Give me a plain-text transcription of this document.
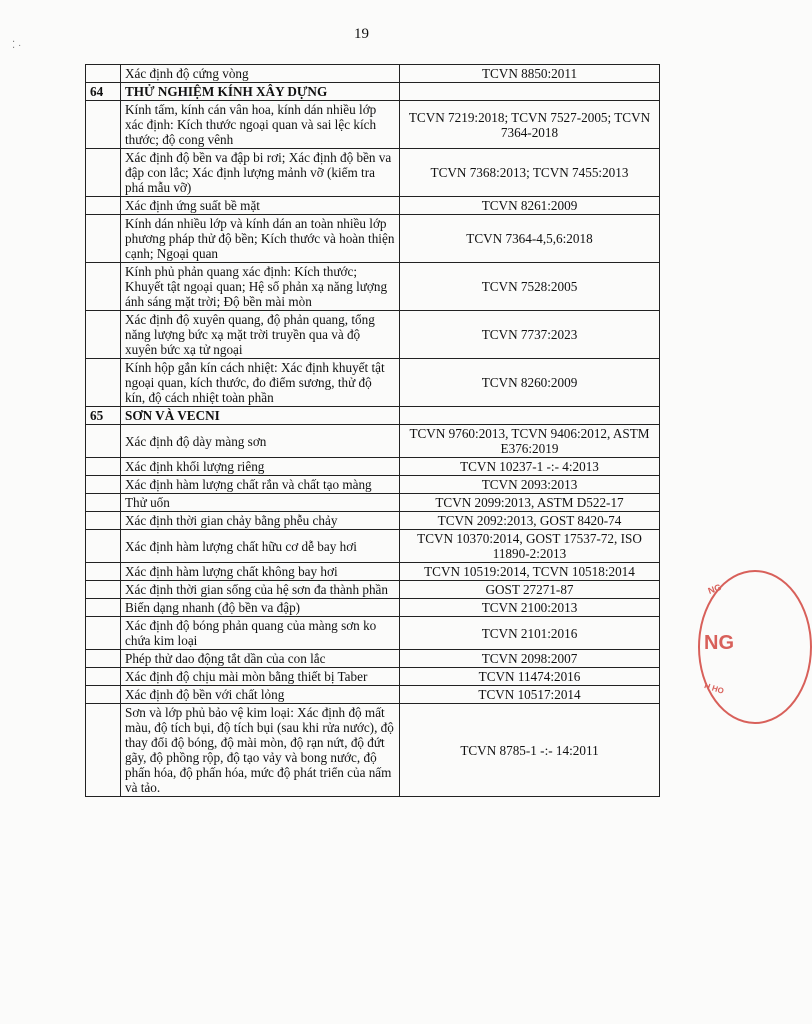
⁚ ·
19
	Xác định độ cứng vòng	TCVN 8850:2011
64	THỬ NGHIỆM KÍNH XÂY DỰNG	
	Kính tấm, kính cán vân hoa, kính dán nhiều lớp xác định: Kích thước ngoại quan và sai lệc kích thước; độ cong vênh	TCVN 7219:2018; TCVN 7527-2005; TCVN 7364-2018
	Xác định độ bền va đập bi rơi; Xác định độ bền va đập con lắc; Xác định lượng mảnh vỡ (kiểm tra phá mẫu vỡ)	TCVN 7368:2013; TCVN 7455:2013
	Xác định ứng suất bề mặt	TCVN 8261:2009
	Kính dán nhiều lớp và kính dán an toàn nhiều lớp phương pháp thử độ bền; Kích thước và hoàn thiện cạnh; Ngoại quan	TCVN 7364-4,5,6:2018
	Kính phủ phản quang xác định: Kích thước; Khuyết tật ngoại quan; Hệ số phản xạ năng lượng ánh sáng mặt trời; Độ bền mài mòn	TCVN 7528:2005
	Xác định độ xuyên quang, độ phản quang, tổng năng lượng bức xạ mặt trời truyền qua và độ xuyên bức xạ tử ngoại	TCVN 7737:2023
	Kính hộp gắn kín cách nhiệt: Xác định khuyết tật ngoại quan, kích thước, đo điểm sương, thử độ kín, độ cách nhiệt toàn phần	TCVN 8260:2009
65	SƠN VÀ VECNI	
	Xác định độ dày màng sơn	TCVN 9760:2013, TCVN 9406:2012, ASTM E376:2019
	Xác định khối lượng riêng	TCVN 10237-1 -:- 4:2013
	Xác định hàm lượng chất rắn và chất tạo màng	TCVN 2093:2013
	Thử uốn	TCVN 2099:2013, ASTM D522-17
	Xác định thời gian chảy bằng phễu chảy	TCVN 2092:2013, GOST 8420-74
	Xác định hàm lượng chất hữu cơ dễ bay hơi	TCVN 10370:2014, GOST 17537-72, ISO 11890-2:2013
	Xác định hàm lượng chất không bay hơi	TCVN 10519:2014, TCVN 10518:2014
	Xác định thời gian sống của hệ sơn đa thành phần	GOST 27271-87
	Biến dạng nhanh (độ bền va đập)	TCVN 2100:2013
	Xác định độ bóng phản quang của màng sơn ko chứa kim loại	TCVN 2101:2016
	Phép thử dao động tắt dần của con lắc	TCVN 2098:2007
	Xác định độ chịu mài mòn bằng thiết bị Taber	TCVN 11474:2016
	Xác định độ bền với chất lỏng	TCVN 10517:2014
	Sơn và lớp phủ bảo vệ kim loại: Xác định độ mất màu, độ tích bụi, độ tích bụi (sau khi rửa nước), độ thay đổi độ bóng, độ mài mòn, độ rạn nứt, độ đứt gãy, độ phồng rộp, độ tạo vảy và bong nước, độ phấn hóa, độ phấn hóa, mức độ phát triển của nấm và tảo.	TCVN 8785-1 -:- 14:2011
NG
NG
H HO
